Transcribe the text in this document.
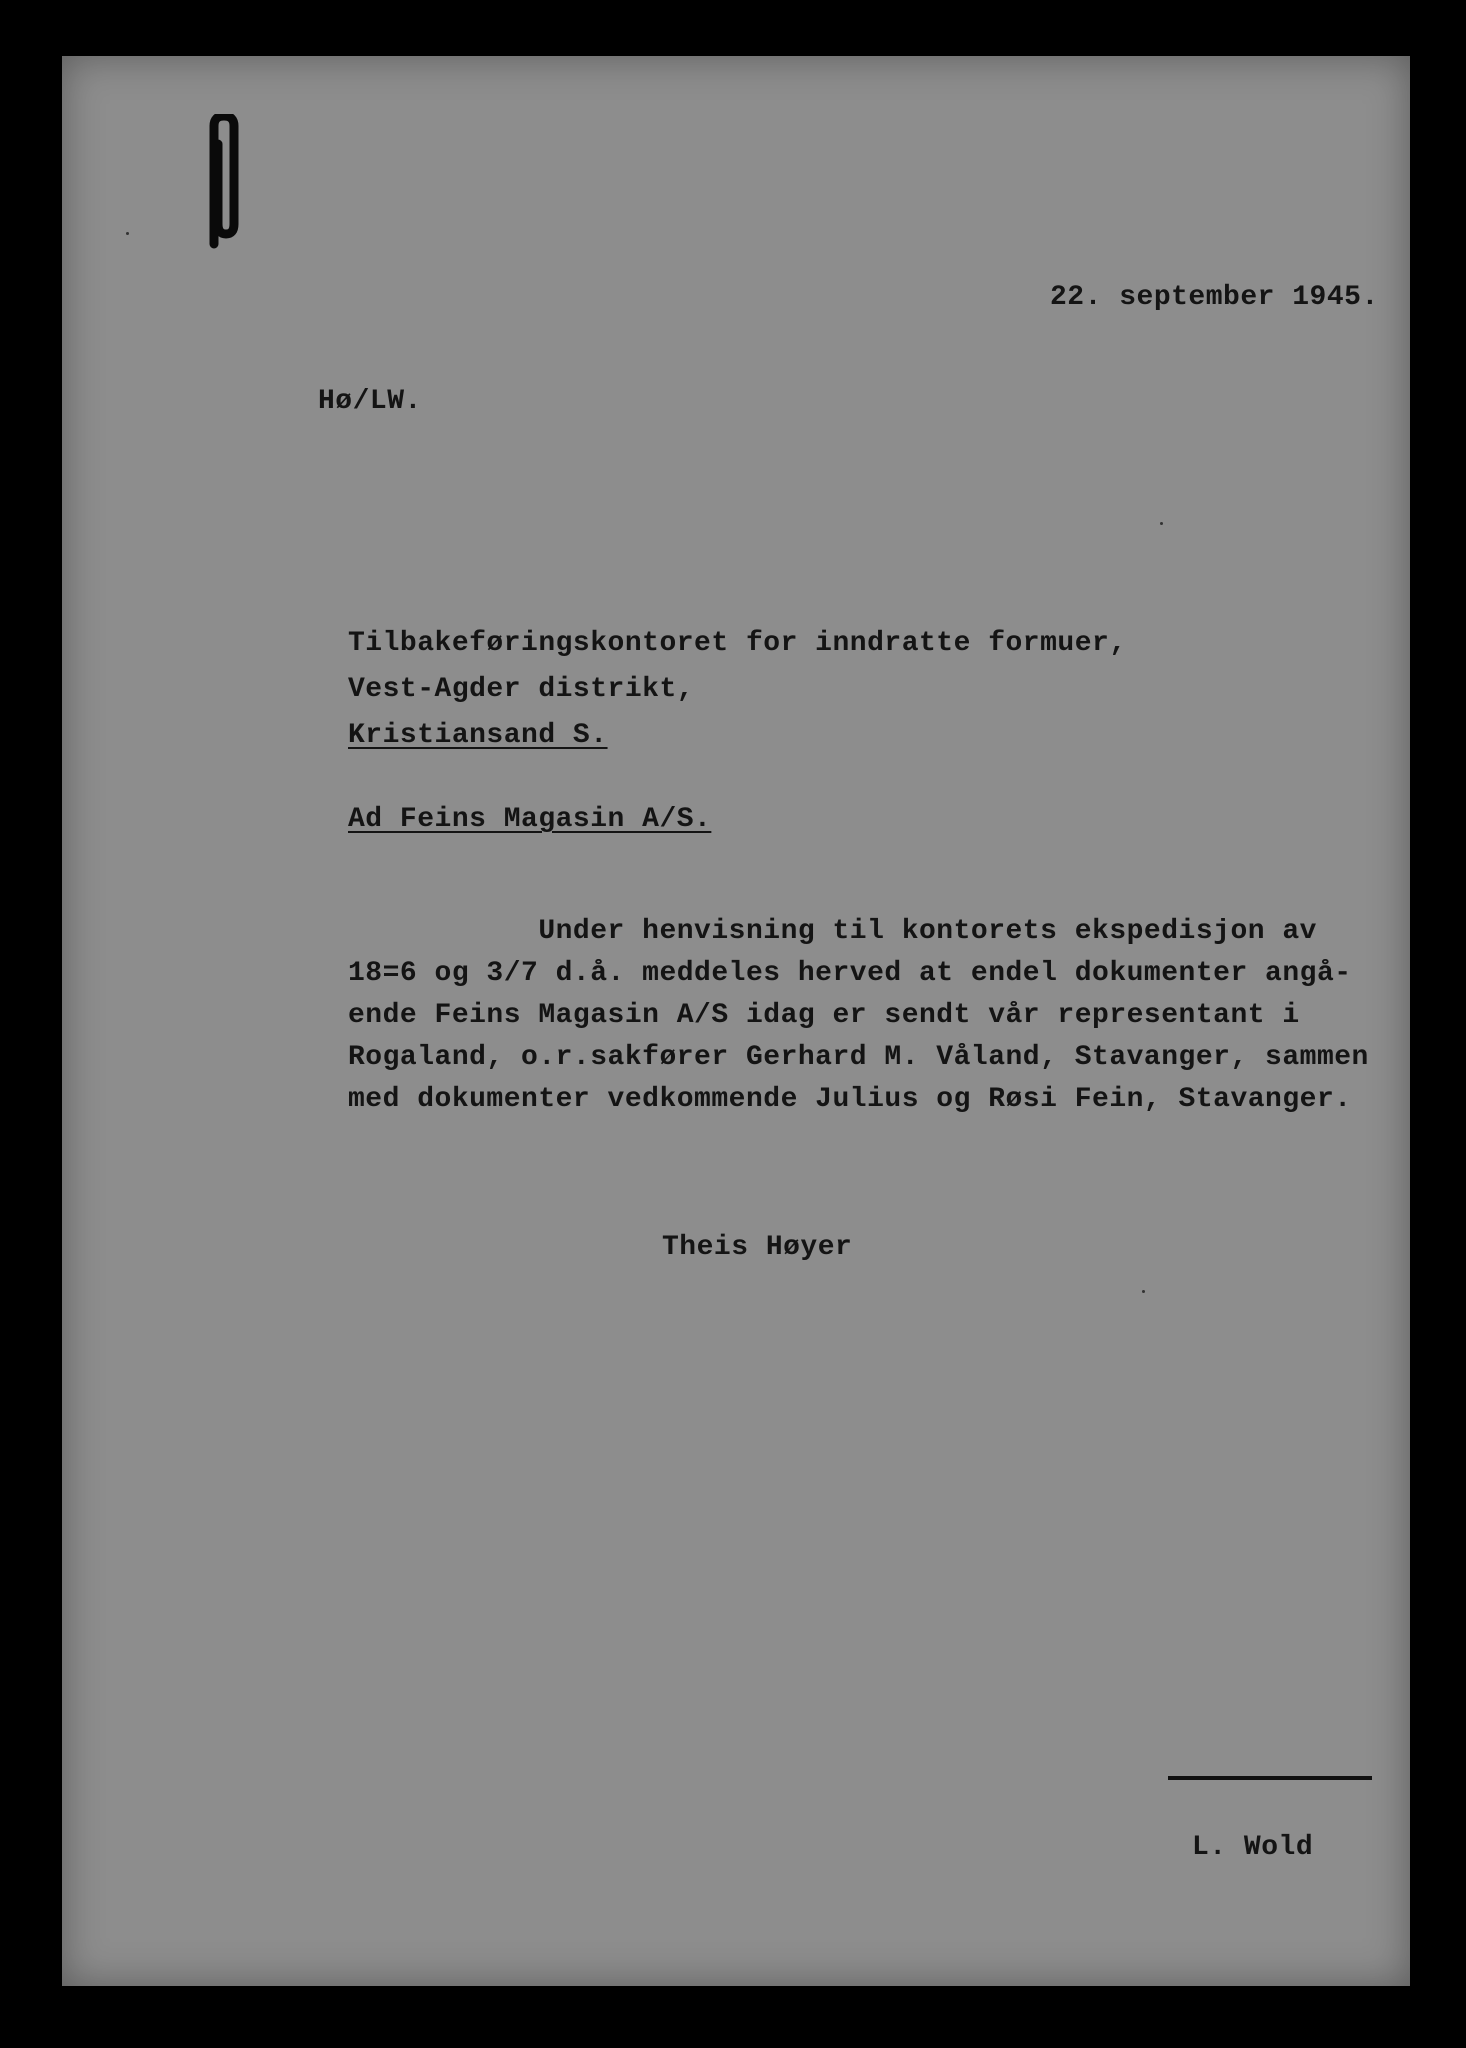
22. september 1945.

Hø/LW.

Tilbakeføringskontoret for inndratte formuer,

Vest-Agder distrikt,

Kristiansand S.

Ad Feins Magasin A/S.

Under henvisning til kontorets ekspedisjon av

18=6 og 3/7 d.å. meddeles herved at endel dokumenter angå-

ende Feins Magasin A/S idag er sendt vår representant i

Rogaland, o.r.sakfører Gerhard M. Våland, Stavanger, sammen

med dokumenter vedkommende Julius og Røsi Fein, Stavanger.

Theis Høyer

L. Wold
